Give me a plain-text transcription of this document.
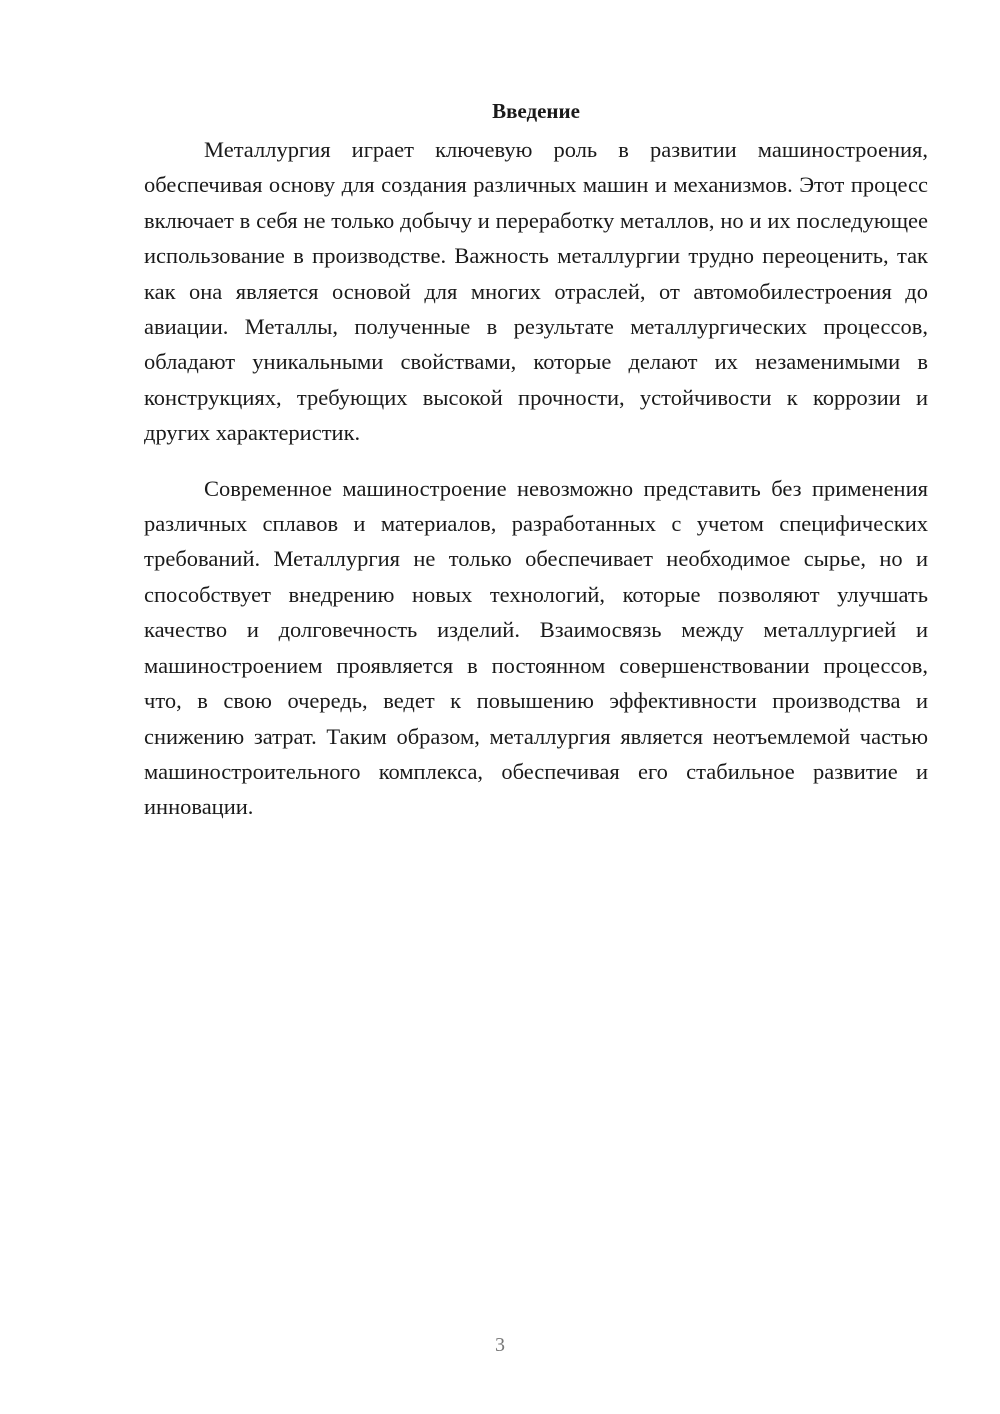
Введение

Металлургия играет ключевую роль в развитии машиностроения, обеспечивая основу для создания различных машин и механизмов. Этот процесс включает в себя не только добычу и переработку металлов, но и их последующее использование в производстве. Важность металлургии трудно переоценить, так как она является основой для многих отраслей, от автомобилестроения до авиации. Металлы, полученные в результате металлургических процессов, обладают уникальными свойствами, которые делают их незаменимыми в конструкциях, требующих высокой прочности, устойчивости к коррозии и других характеристик.

Современное машиностроение невозможно представить без применения различных сплавов и материалов, разработанных с учетом специфических требований. Металлургия не только обеспечивает необходимое сырье, но и способствует внедрению новых технологий, которые позволяют улучшать качество и долговечность изделий. Взаимосвязь между металлургией и машиностроением проявляется в постоянном совершенствовании процессов, что, в свою очередь, ведет к повышению эффективности производства и снижению затрат. Таким образом, металлургия является неотъемлемой частью машиностроительного комплекса, обеспечивая его стабильное развитие и инновации.

3
